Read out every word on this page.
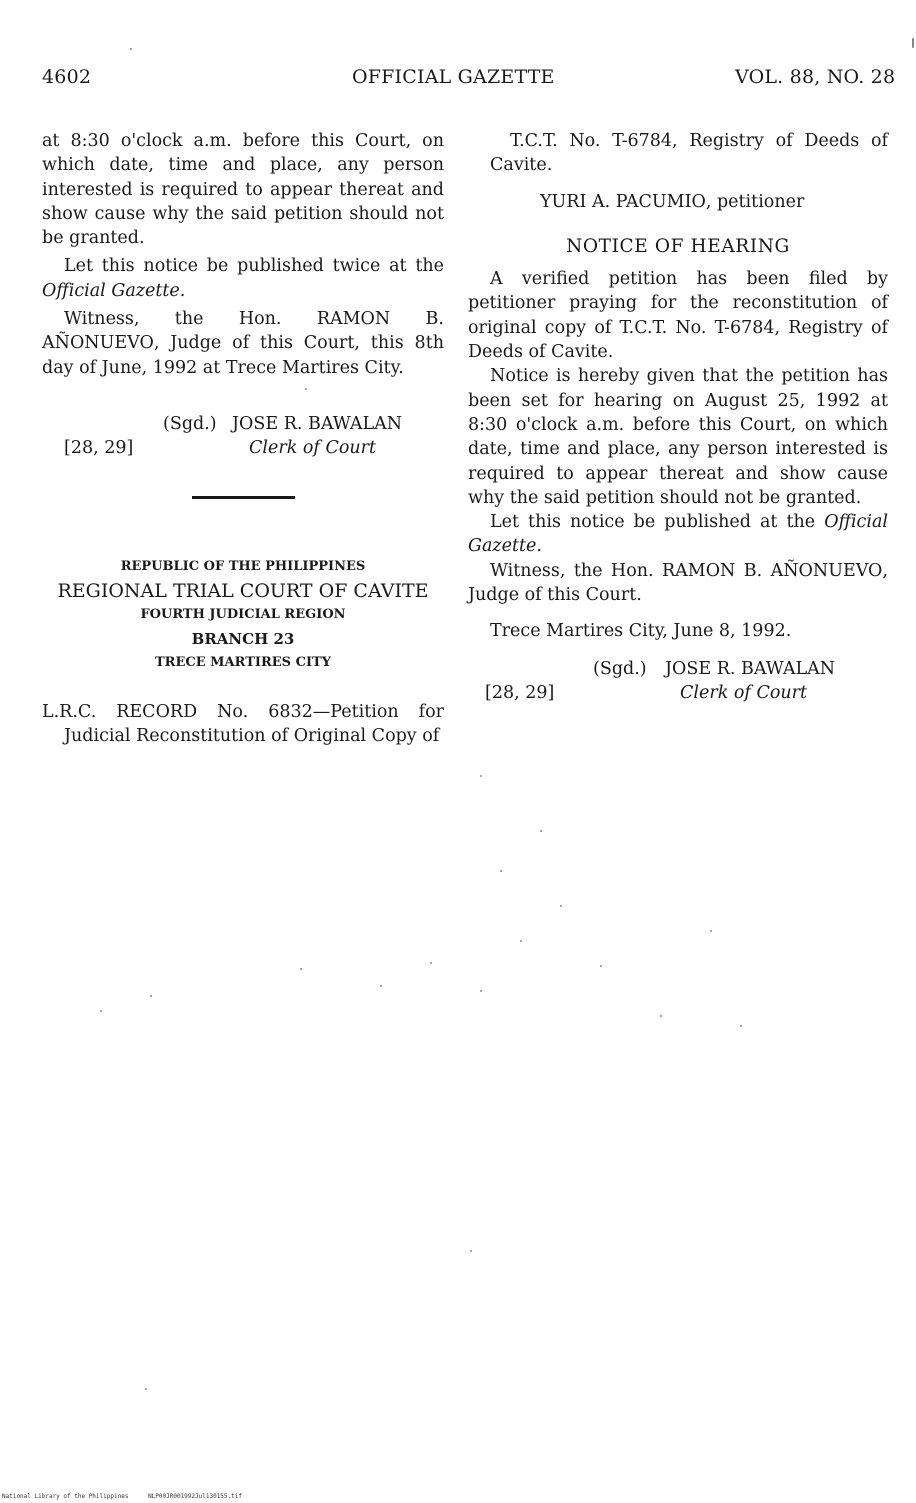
4602	OFFICIAL GAZETTE	VOL. 88, NO. 28

at 8:30 o'clock a.m. before this Court, on which date, time and place, any person interested is required to appear thereat and show cause why the said petition should not be granted.

Let this notice be published twice at the Official Gazette.

Witness, the Hon. RAMON B. AÑONUEVO, Judge of this Court, this 8th day of June, 1992 at Trece Martires City.

(Sgd.) JOSE R. BAWALAN
[28, 29]	Clerk of Court
REPUBLIC OF THE PHILIPPINES
REGIONAL TRIAL COURT OF CAVITE
FOURTH JUDICIAL REGION
BRANCH 23
TRECE MARTIRES CITY

L.R.C. RECORD No. 6832—Petition for Judicial Reconstitution of Original Copy of

T.C.T. No. T-6784, Registry of Deeds of Cavite.

YURI A. PACUMIO, petitioner

NOTICE OF HEARING

A verified petition has been filed by petitioner praying for the reconstitution of original copy of T.C.T. No. T-6784, Registry of Deeds of Cavite.

Notice is hereby given that the petition has been set for hearing on August 25, 1992 at 8:30 o'clock a.m. before this Court, on which date, time and place, any person interested is required to appear thereat and show cause why the said petition should not be granted.

Let this notice be published at the Official Gazette.

Witness, the Hon. RAMON B. AÑONUEVO, Judge of this Court.

Trece Martires City, June 8, 1992.

(Sgd.) JOSE R. BAWALAN
[28, 29]	Clerk of Court
National Library of the Philippines	NLP00JR001992Jul130155.tif
